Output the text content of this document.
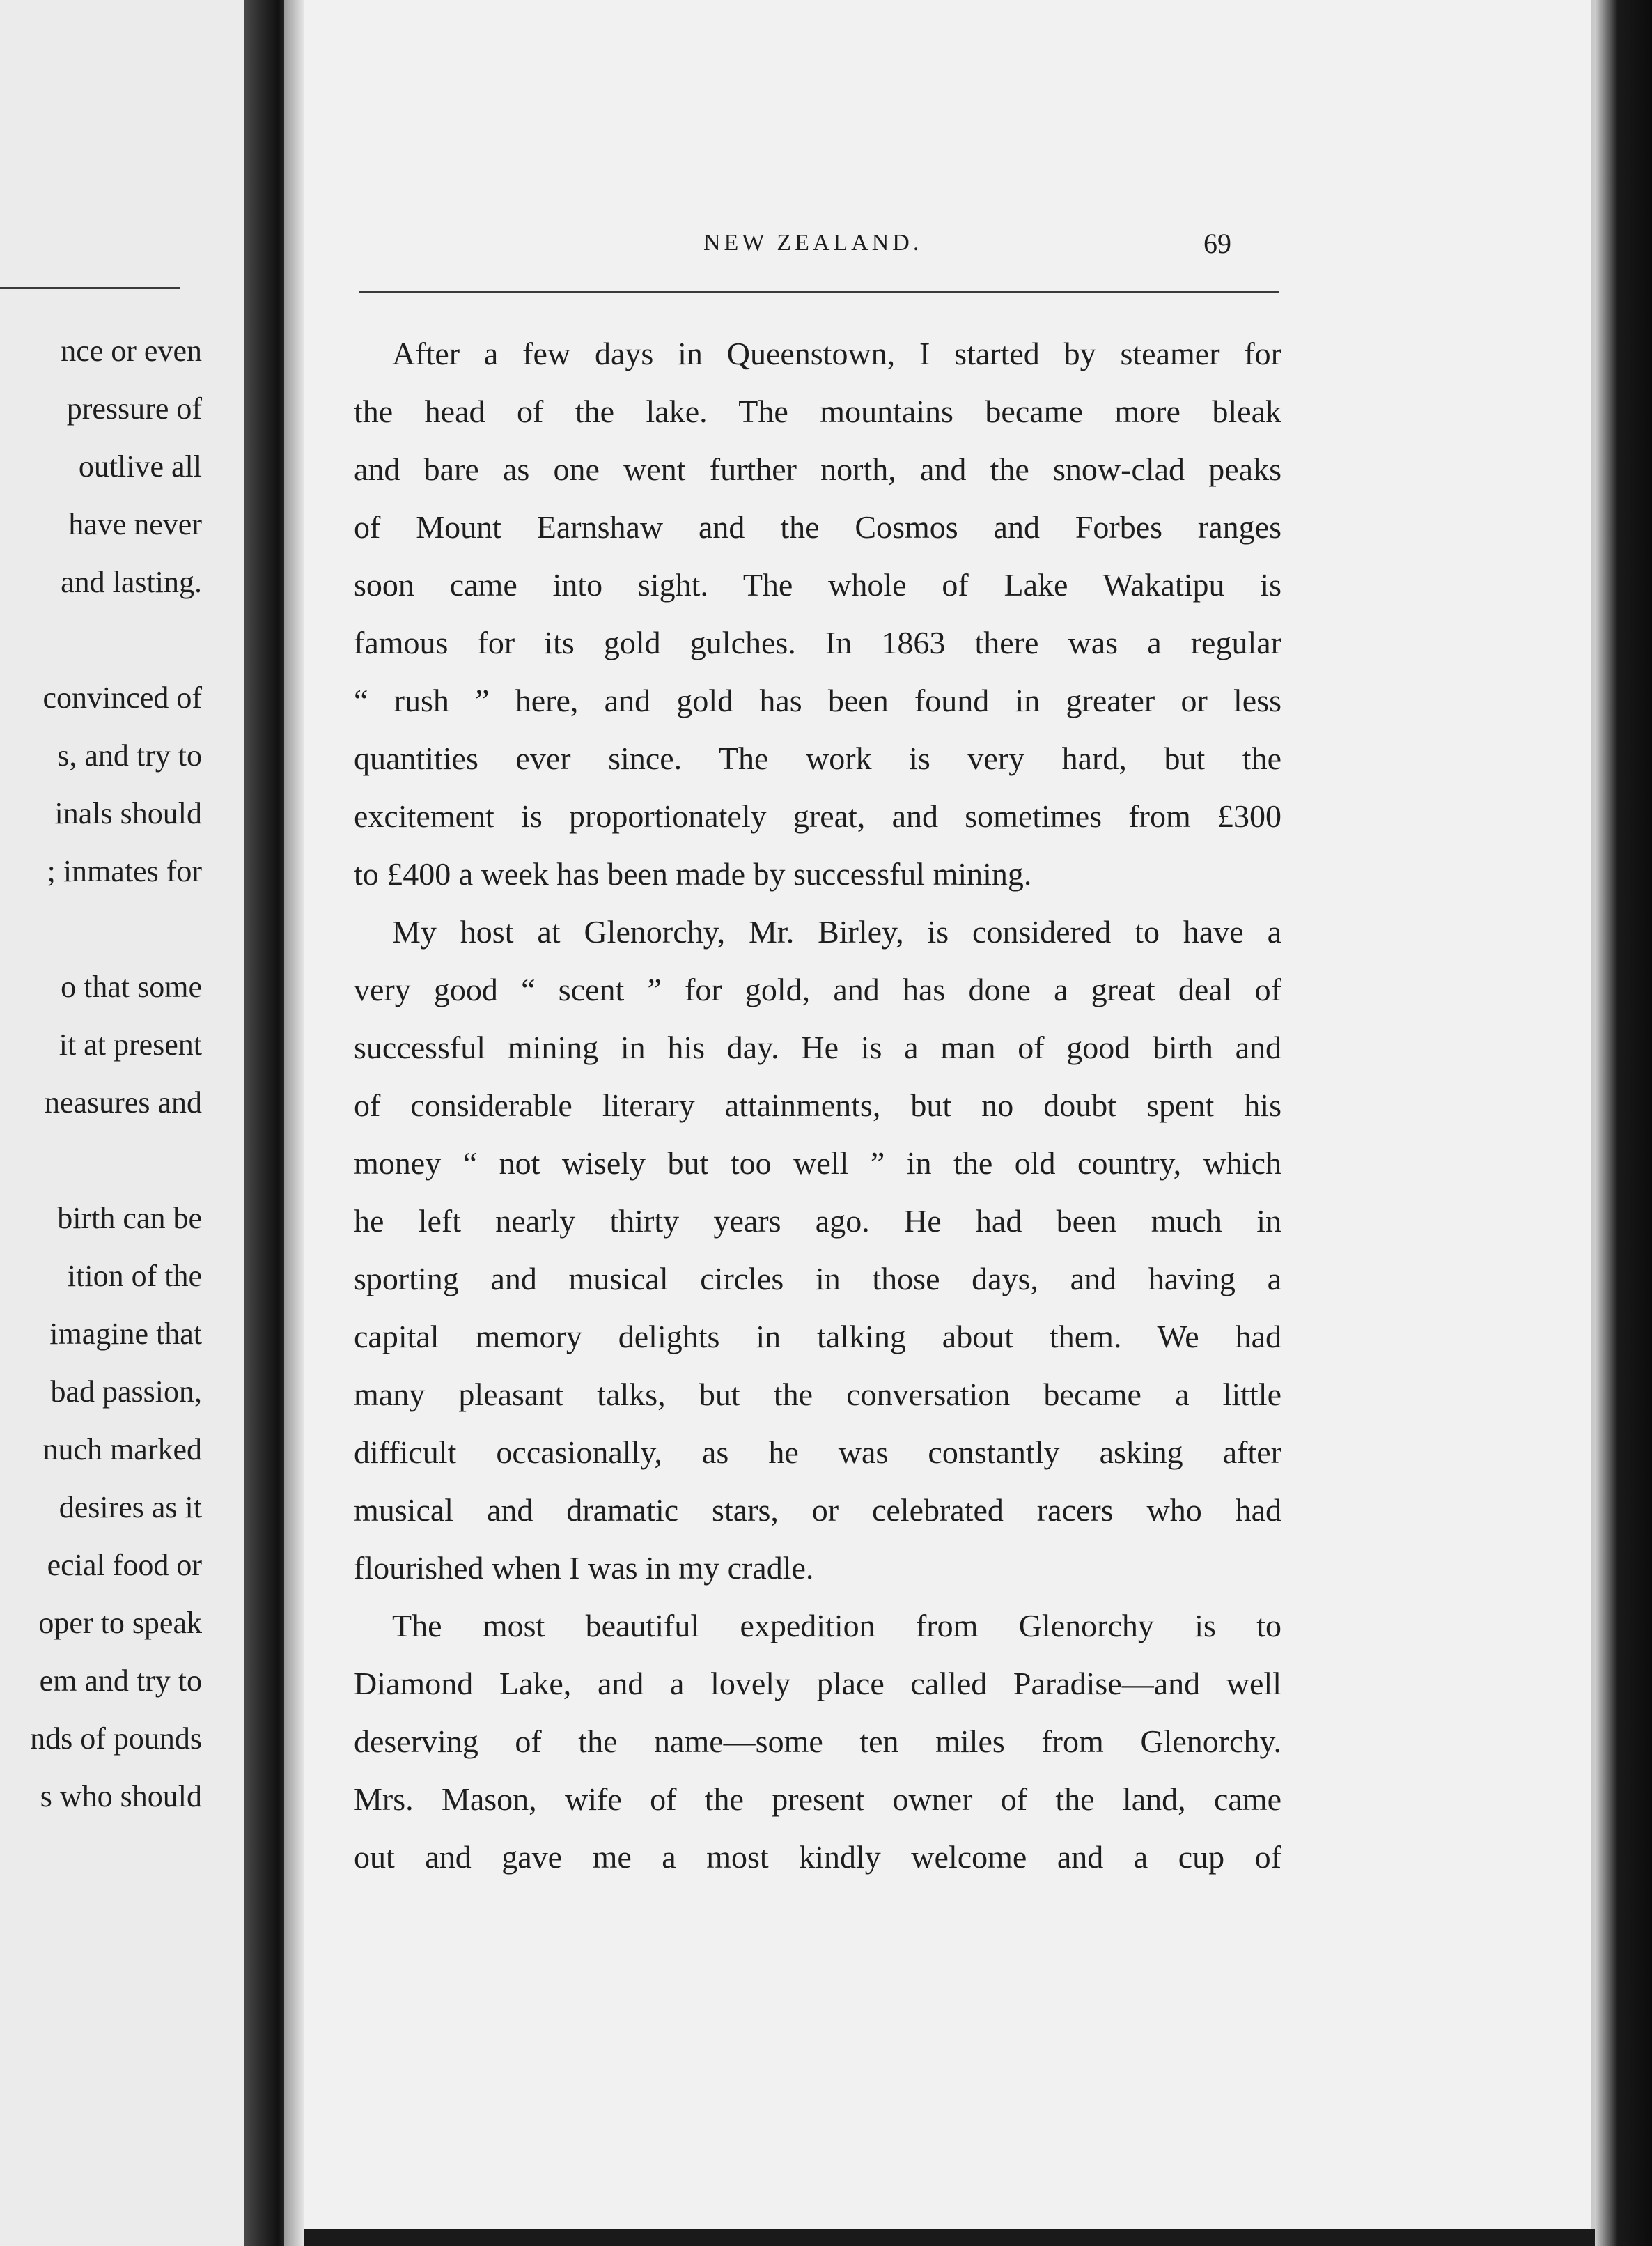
nce or even
pressure of
outlive all
have never
and lasting.
convinced of
s, and try to
inals should
; inmates for
o that some
it at present
neasures and
birth can be
ition of the
imagine that
bad passion,
nuch marked
desires as it
ecial food or
oper to speak
em and try to
nds of pounds
s who should
NEW ZEALAND.	69
After a few days in Queenstown, I started by steamer for
the head of the lake. The mountains became more bleak
and bare as one went further north, and the snow-clad peaks
of Mount Earnshaw and the Cosmos and Forbes ranges
soon came into sight. The whole of Lake Wakatipu is
famous for its gold gulches. In 1863 there was a regular
“ rush ” here, and gold has been found in greater or less
quantities ever since. The work is very hard, but the
excitement is proportionately great, and sometimes from £300
to £400 a week has been made by successful mining.
My host at Glenorchy, Mr. Birley, is considered to have a
very good “ scent ” for gold, and has done a great deal of
successful mining in his day. He is a man of good birth and
of considerable literary attainments, but no doubt spent his
money “ not wisely but too well ” in the old country, which
he left nearly thirty years ago. He had been much in
sporting and musical circles in those days, and having a
capital memory delights in talking about them. We had
many pleasant talks, but the conversation became a little
difficult occasionally, as he was constantly asking after
musical and dramatic stars, or celebrated racers who had
flourished when I was in my cradle.
The most beautiful expedition from Glenorchy is to
Diamond Lake, and a lovely place called Paradise—and well
deserving of the name—some ten miles from Glenorchy.
Mrs. Mason, wife of the present owner of the land, came
out and gave me a most kindly welcome and a cup of
